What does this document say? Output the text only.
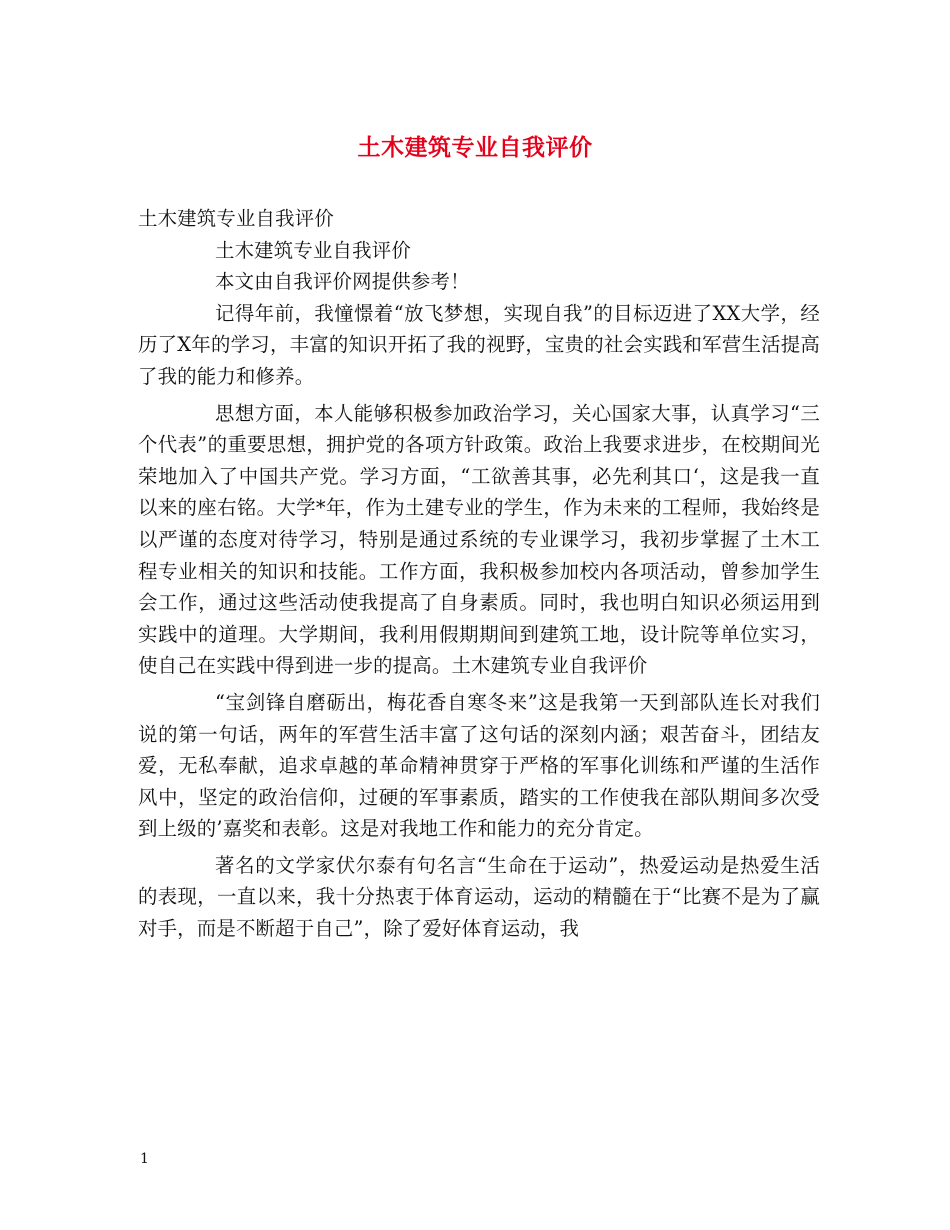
土木建筑专业自我评价

土木建筑专业自我评价

土木建筑专业自我评价

本文由自我评价网提供参考！

记得年前，我憧憬着“放飞梦想，实现自我”的目标迈进了XX大学，经历了X年的学习，丰富的知识开拓了我的视野，宝贵的社会实践和军营生活提高了我的能力和修养。

思想方面，本人能够积极参加政治学习，关心国家大事，认真学习“三个代表”的重要思想，拥护党的各项方针政策。政治上我要求进步，在校期间光荣地加入了中国共产党。学习方面，“工欲善其事，必先利其口‘，这是我一直以来的座右铭。大学*年，作为土建专业的学生，作为未来的工程师，我始终是以严谨的态度对待学习，特别是通过系统的专业课学习，我初步掌握了土木工程专业相关的知识和技能。工作方面，我积极参加校内各项活动，曾参加学生会工作，通过这些活动使我提高了自身素质。同时，我也明白知识必须运用到实践中的道理。大学期间，我利用假期期间到建筑工地，设计院等单位实习，使自己在实践中得到进一步的提高。土木建筑专业自我评价

“宝剑锋自磨砺出，梅花香自寒冬来”这是我第一天到部队连长对我们说的第一句话，两年的军营生活丰富了这句话的深刻内涵；艰苦奋斗，团结友爱，无私奉献，追求卓越的革命精神贯穿于严格的军事化训练和严谨的生活作风中，坚定的政治信仰，过硬的军事素质，踏实的工作使我在部队期间多次受到上级的’嘉奖和表彰。这是对我地工作和能力的充分肯定。

著名的文学家伏尔泰有句名言“生命在于运动”，热爱运动是热爱生活的表现，一直以来，我十分热衷于体育运动，运动的精髓在于“比赛不是为了赢对手，而是不断超于自己”，除了爱好体育运动，我

1
